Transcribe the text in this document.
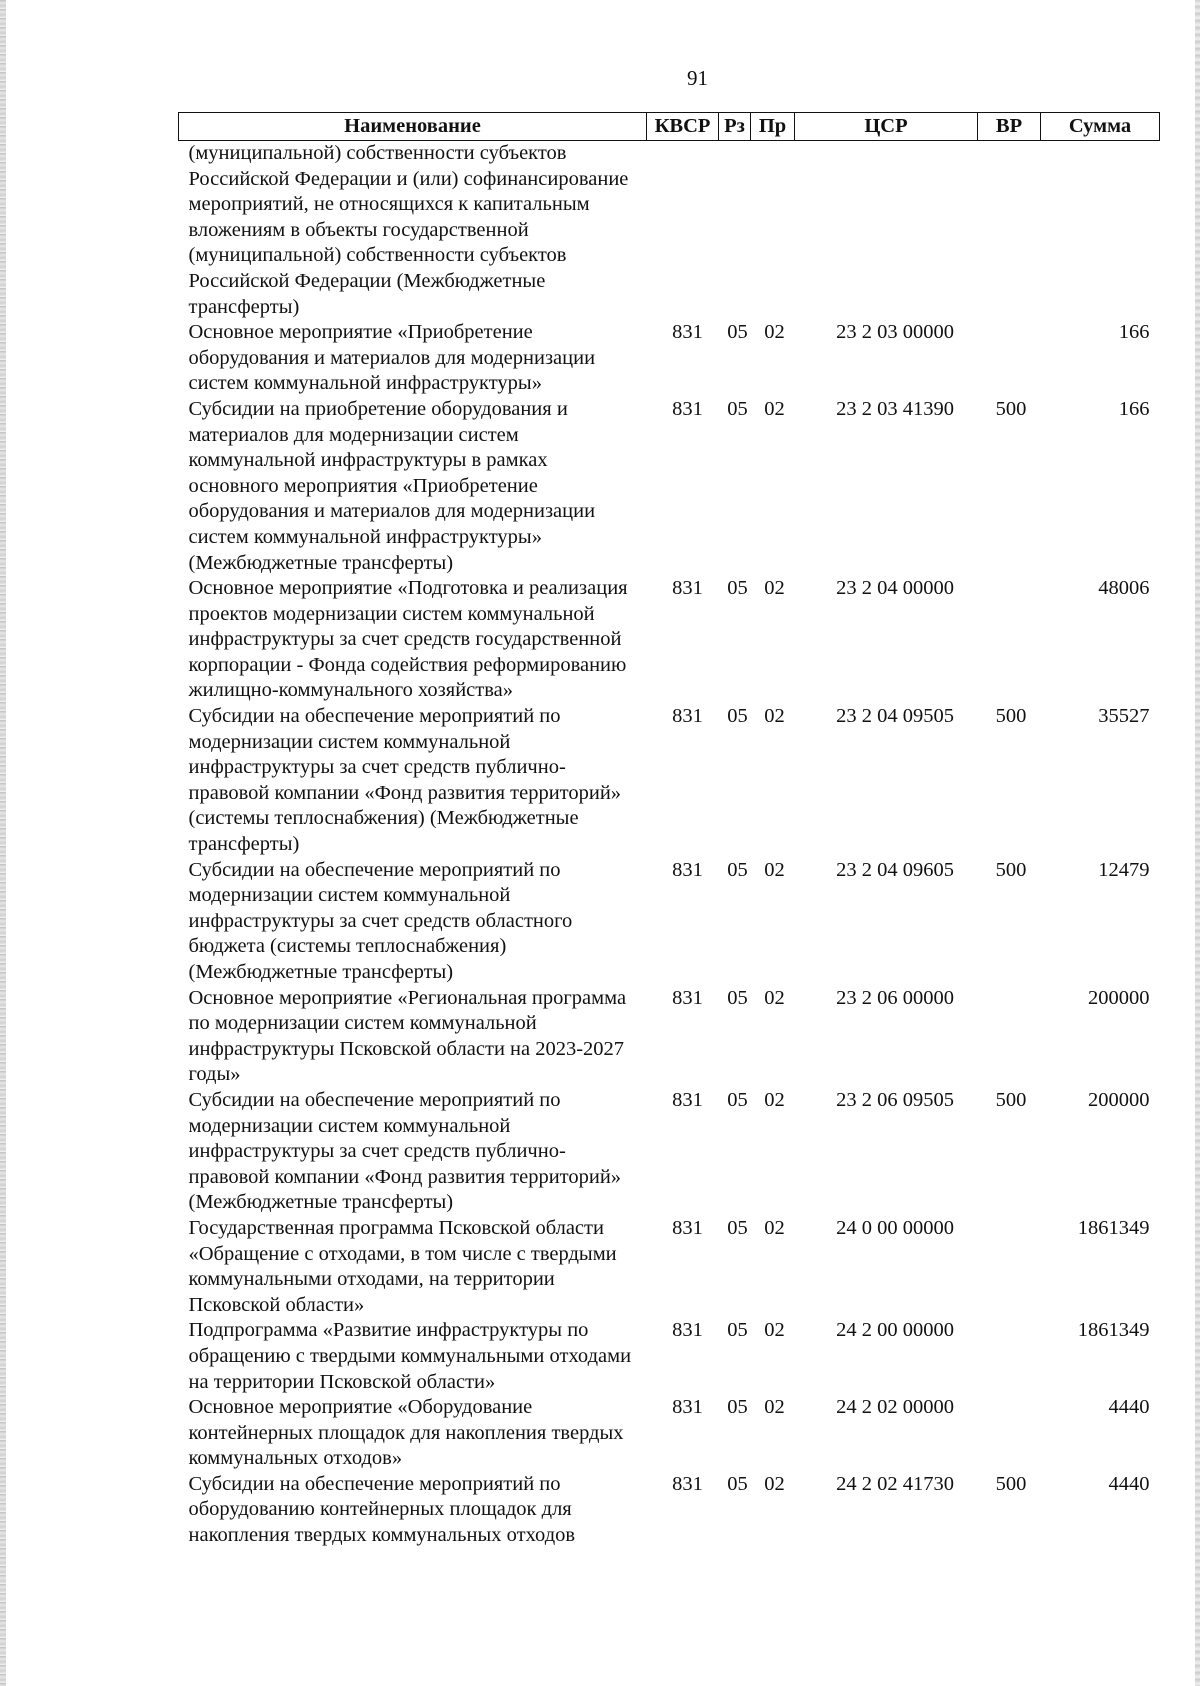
91
Наименование	КВСР	Рз	Пр	ЦСР	ВР	Сумма
(муниципальной) собственности субъектов Российской Федерации и (или) софинансирование мероприятий, не относящихся к капитальным вложениям в объекты государственной (муниципальной) собственности субъектов Российской Федерации (Межбюджетные трансферты)						
Основное мероприятие «Приобретение оборудования и материалов для модернизации систем коммунальной инфраструктуры»	831	05	02	23 2 03 00000		166
Субсидии на приобретение оборудования и материалов для модернизации систем коммунальной инфраструктуры в рамках основного мероприятия «Приобретение оборудования и материалов для модернизации систем коммунальной инфраструктуры» (Межбюджетные трансферты)	831	05	02	23 2 03 41390	500	166
Основное мероприятие «Подготовка и реализация проектов модернизации систем коммунальной инфраструктуры за счет средств государственной корпорации - Фонда содействия реформированию жилищно-коммунального хозяйства»	831	05	02	23 2 04 00000		48006
Субсидии на обеспечение мероприятий по модернизации систем коммунальной инфраструктуры за счет средств публично-правовой компании «Фонд развития территорий» (системы теплоснабжения) (Межбюджетные трансферты)	831	05	02	23 2 04 09505	500	35527
Субсидии на обеспечение мероприятий по модернизации систем коммунальной инфраструктуры за счет средств областного бюджета (системы теплоснабжения) (Межбюджетные трансферты)	831	05	02	23 2 04 09605	500	12479
Основное мероприятие «Региональная программа по модернизации систем коммунальной инфраструктуры Псковской области на 2023-2027 годы»	831	05	02	23 2 06 00000		200000
Субсидии на обеспечение мероприятий по модернизации систем коммунальной инфраструктуры за счет средств публично-правовой компании «Фонд развития территорий» (Межбюджетные трансферты)	831	05	02	23 2 06 09505	500	200000
Государственная программа Псковской области «Обращение с отходами, в том числе с твердыми коммунальными отходами, на территории Псковской области»	831	05	02	24 0 00 00000		1861349
Подпрограмма «Развитие инфраструктуры по обращению с твердыми коммунальными отходами на территории Псковской области»	831	05	02	24 2 00 00000		1861349
Основное мероприятие «Оборудование контейнерных площадок для накопления твердых коммунальных отходов»	831	05	02	24 2 02 00000		4440
Субсидии на обеспечение мероприятий по оборудованию контейнерных площадок для накопления твердых коммунальных отходов	831	05	02	24 2 02 41730	500	4440
